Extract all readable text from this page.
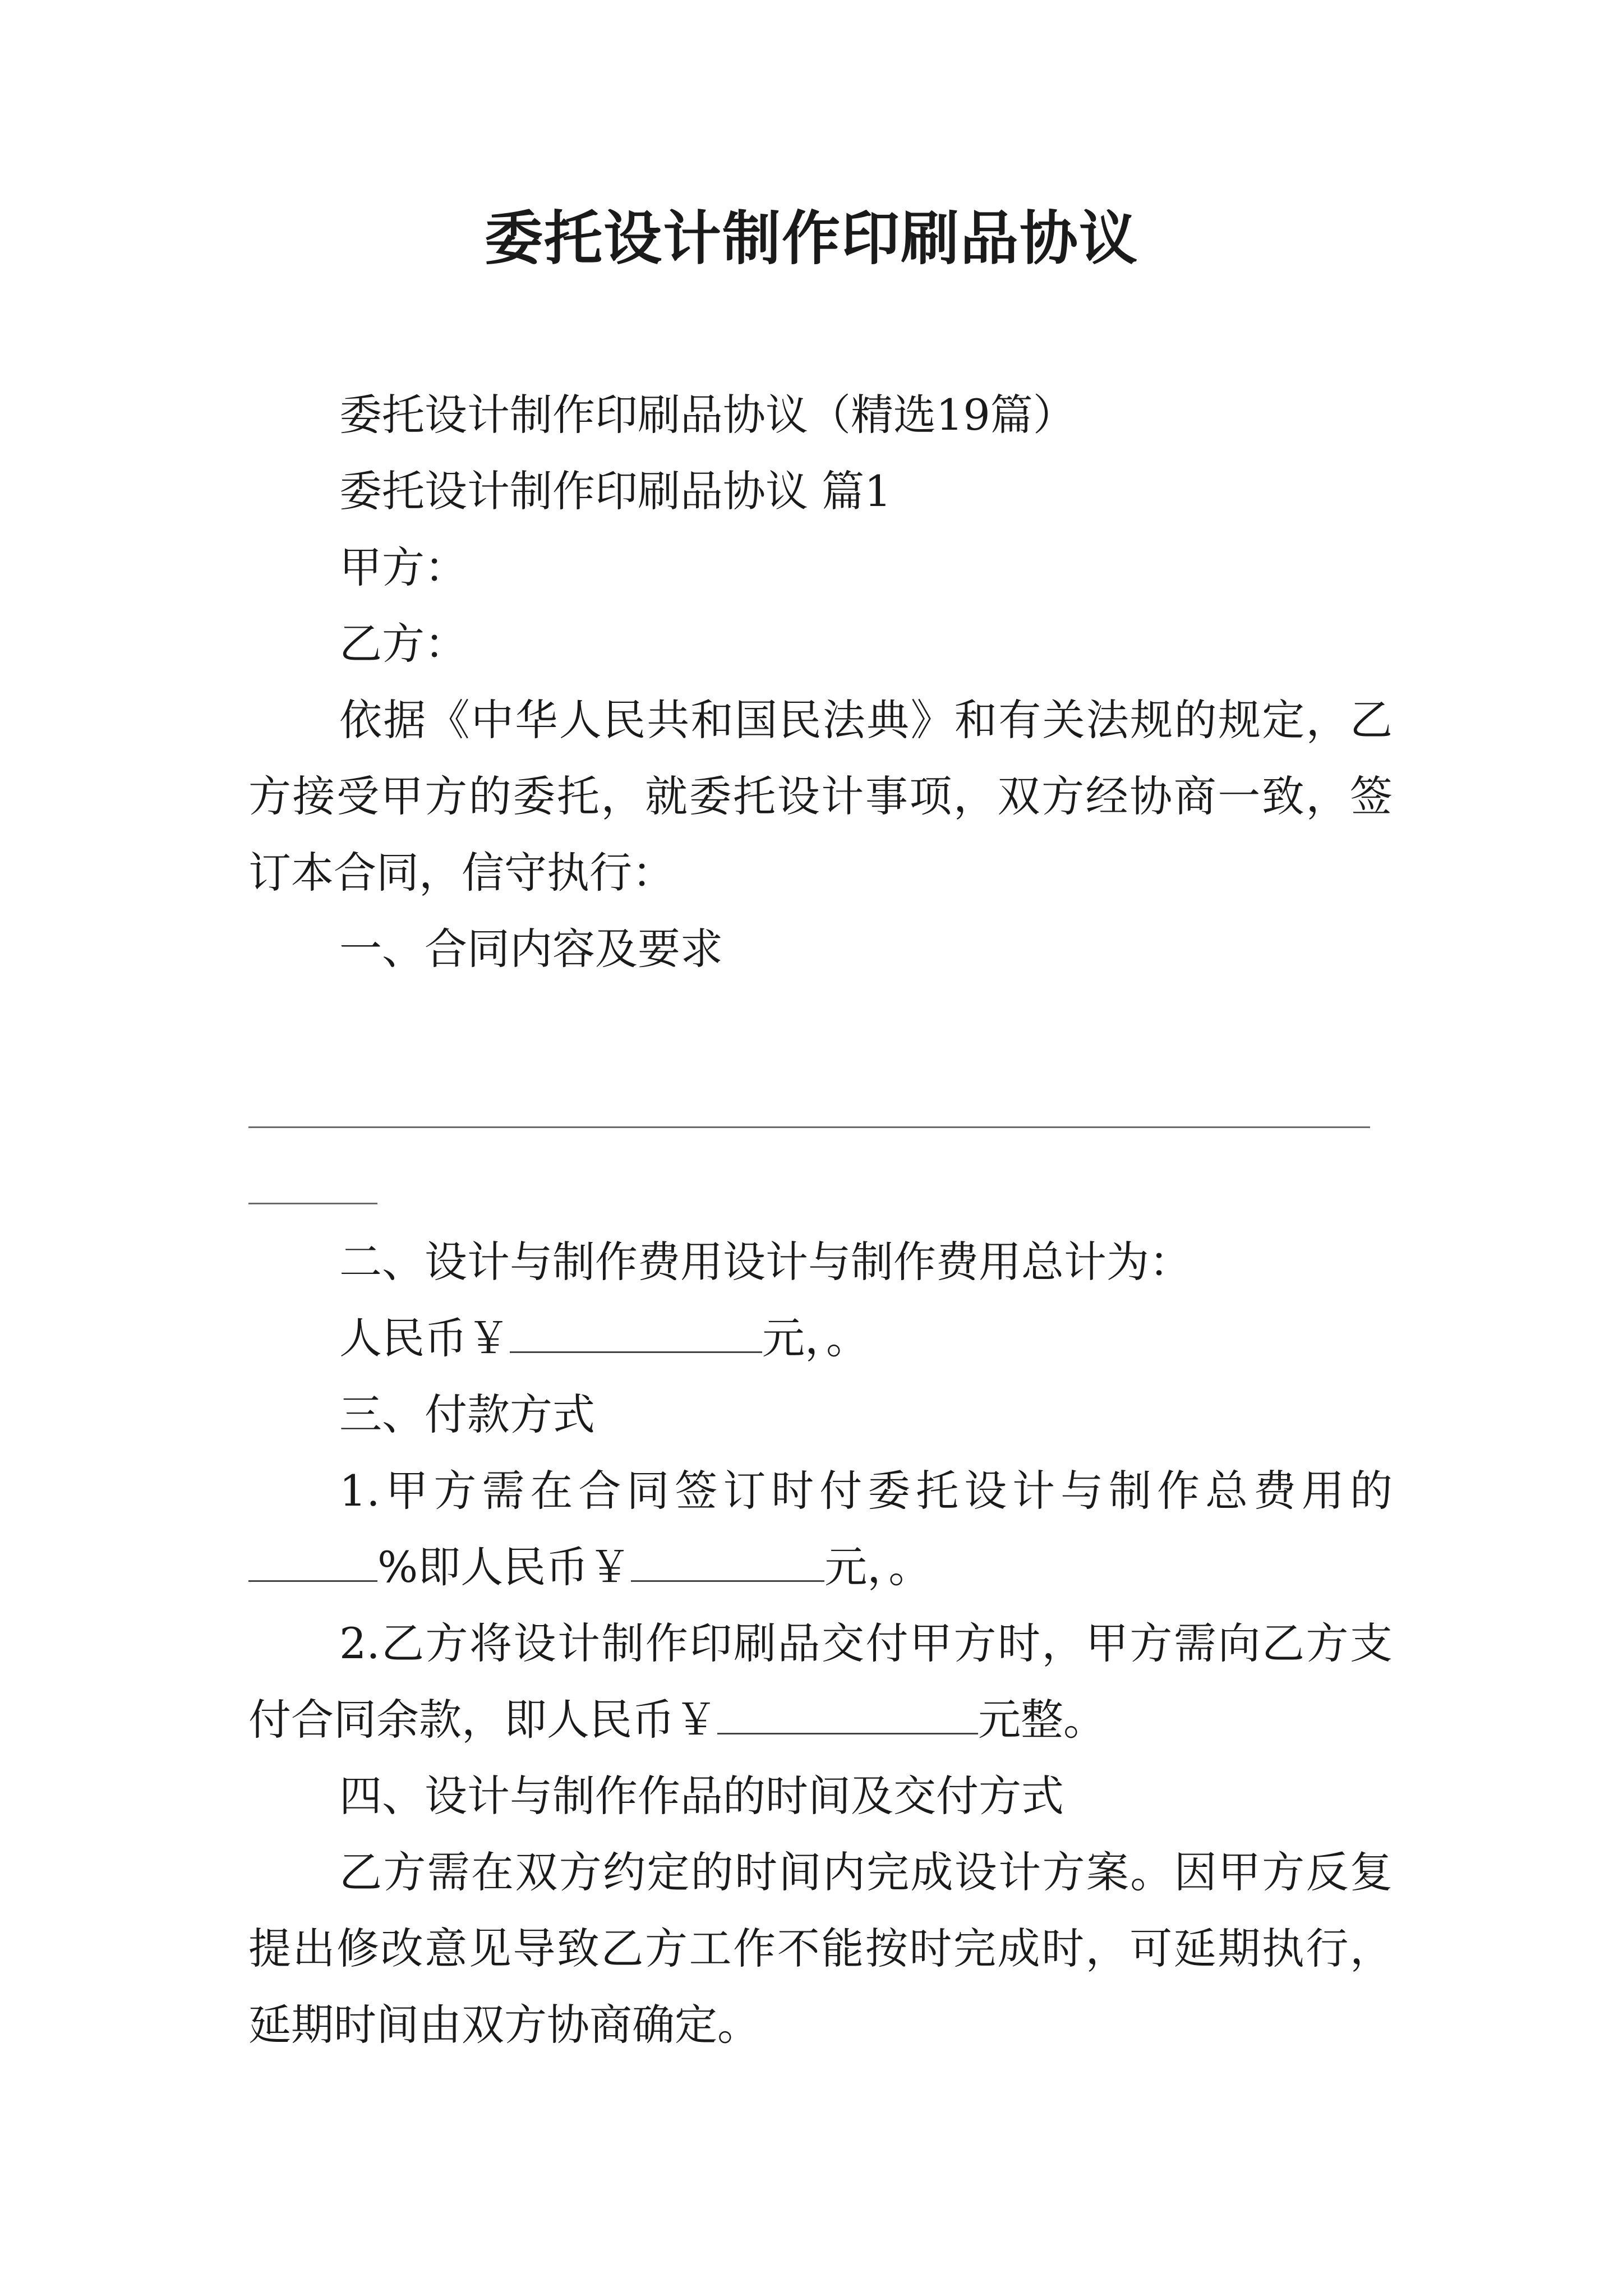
委托设计制作印刷品协议
委托设计制作印刷品协议（精选19篇）
委托设计制作印刷品协议 篇1
甲方：
乙方：
依据《中华人民共和国民法典》和有关法规的规定，乙
方接受甲方的委托，就委托设计事项，双方经协商一致，签
订本合同，信守执行：
一、合同内容及要求
二、设计与制作费用设计与制作费用总计为：
人民币￥	元，。
三、付款方式
1.甲方需在合同签订时付委托设计与制作总费用的
%即人民币￥	元，。
2.乙方将设计制作印刷品交付甲方时，甲方需向乙方支
付合同余款，即人民币￥	元整。
四、设计与制作作品的时间及交付方式
乙方需在双方约定的时间内完成设计方案。因甲方反复
提出修改意见导致乙方工作不能按时完成时，可延期执行，
延期时间由双方协商确定。
